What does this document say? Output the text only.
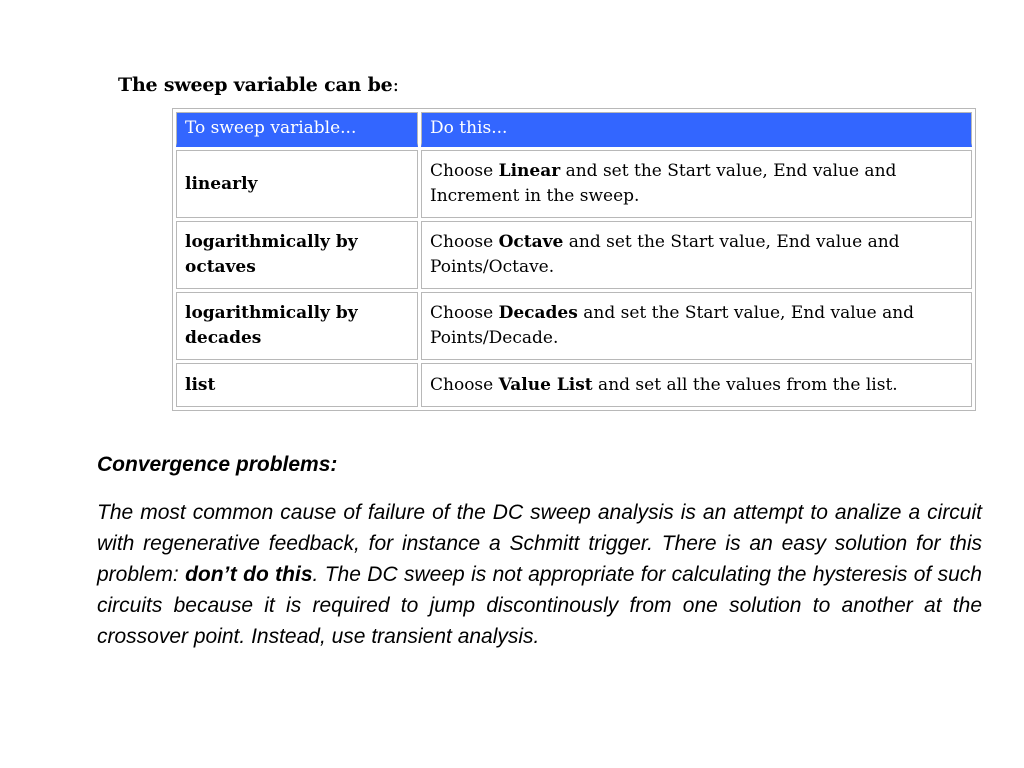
The sweep variable can be:

To sweep variable...	Do this...
linearly	Choose Linear and set the Start value, End value and Increment in the sweep.
logarithmically by octaves	Choose Octave and set the Start value, End value and Points/Octave.
logarithmically by decades	Choose Decades and set the Start value, End value and Points/Decade.
list	Choose Value List and set all the values from the list.

Convergence problems:

The most common cause of failure of the DC sweep analysis is an attempt to analize a circuit with regenerative feedback, for instance a Schmitt trigger. There is an easy solution for this problem: don’t do this. The DC sweep is not appropriate for calculating the hysteresis of such circuits because it is required to jump discontinously from one solution to another at the crossover point. Instead, use transient analysis.
